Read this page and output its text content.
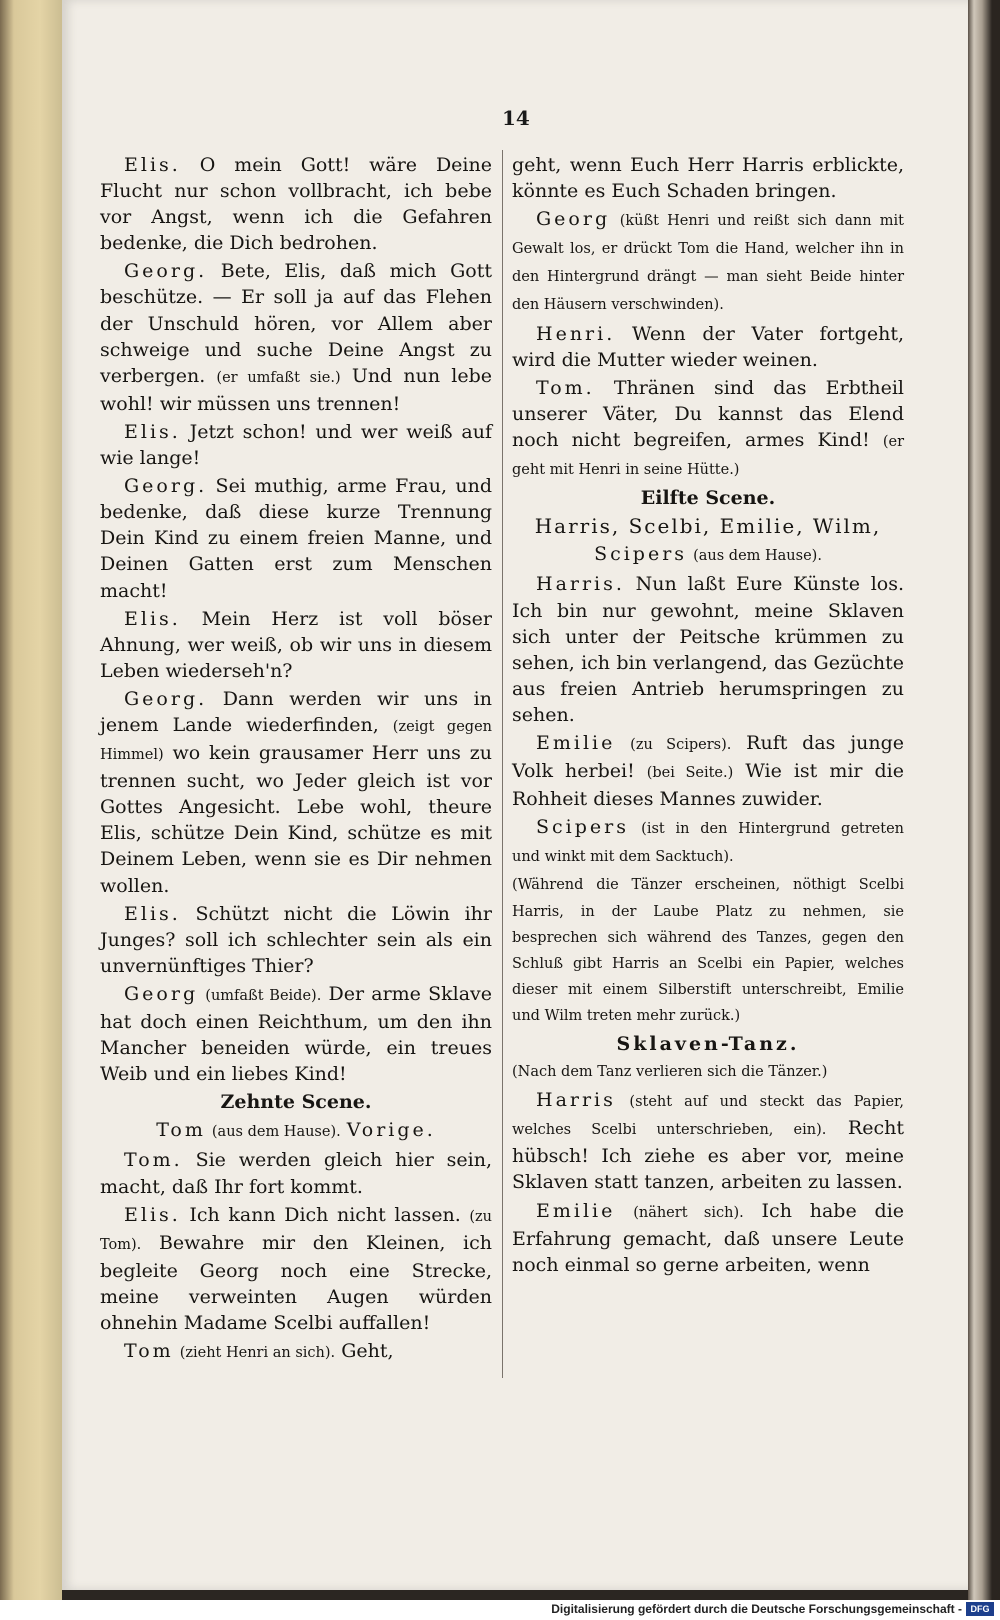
14

Elis. O mein Gott! wäre Deine Flucht nur schon vollbracht, ich bebe vor Angst, wenn ich die Gefahren bedenke, die Dich bedrohen.

Georg. Bete, Elis, daß mich Gott beschütze. — Er soll ja auf das Flehen der Unschuld hören, vor Allem aber schweige und suche Deine Angst zu verbergen. (er umfaßt sie.) Und nun lebe wohl! wir müssen uns trennen!

Elis. Jetzt schon! und wer weiß auf wie lange!

Georg. Sei muthig, arme Frau, und bedenke, daß diese kurze Trennung Dein Kind zu einem freien Manne, und Deinen Gatten erst zum Menschen macht!

Elis. Mein Herz ist voll böser Ahnung, wer weiß, ob wir uns in diesem Leben wiederseh'n?

Georg. Dann werden wir uns in jenem Lande wiederfinden, (zeigt gegen Himmel) wo kein grausamer Herr uns zu trennen sucht, wo Jeder gleich ist vor Gottes Angesicht. Lebe wohl, theure Elis, schütze Dein Kind, schütze es mit Deinem Leben, wenn sie es Dir nehmen wollen.

Elis. Schützt nicht die Löwin ihr Junges? soll ich schlechter sein als ein unvernünftiges Thier?

Georg (umfaßt Beide). Der arme Sklave hat doch einen Reichthum, um den ihn Mancher beneiden würde, ein treues Weib und ein liebes Kind!

Zehnte Scene.

Tom (aus dem Hause). Vorige.

Tom. Sie werden gleich hier sein, macht, daß Ihr fort kommt.

Elis. Ich kann Dich nicht lassen. (zu Tom). Bewahre mir den Kleinen, ich begleite Georg noch eine Strecke, meine verweinten Augen würden ohnehin Madame Scelbi auffallen!

Tom (zieht Henri an sich). Geht,

geht, wenn Euch Herr Harris erblickte, könnte es Euch Schaden bringen.

Georg (küßt Henri und reißt sich dann mit Gewalt los, er drückt Tom die Hand, welcher ihn in den Hintergrund drängt — man sieht Beide hinter den Häusern verschwinden).

Henri. Wenn der Vater fortgeht, wird die Mutter wieder weinen.

Tom. Thränen sind das Erbtheil unserer Väter, Du kannst das Elend noch nicht begreifen, armes Kind! (er geht mit Henri in seine Hütte.)

Eilfte Scene.

Harris, Scelbi, Emilie, Wilm,

Scipers (aus dem Hause).

Harris. Nun laßt Eure Künste los. Ich bin nur gewohnt, meine Sklaven sich unter der Peitsche krümmen zu sehen, ich bin verlangend, das Gezüchte aus freien Antrieb herumspringen zu sehen.

Emilie (zu Scipers). Ruft das junge Volk herbei! (bei Seite.) Wie ist mir die Rohheit dieses Mannes zuwider.

Scipers (ist in den Hintergrund getreten und winkt mit dem Sacktuch).

(Während die Tänzer erscheinen, nöthigt Scelbi Harris, in der Laube Platz zu nehmen, sie besprechen sich während des Tanzes, gegen den Schluß gibt Harris an Scelbi ein Papier, welches dieser mit einem Silberstift unterschreibt, Emilie und Wilm treten mehr zurück.)

Sklaven-Tanz.

(Nach dem Tanz verlieren sich die Tänzer.)

Harris (steht auf und steckt das Papier, welches Scelbi unterschrieben, ein). Recht hübsch! Ich ziehe es aber vor, meine Sklaven statt tanzen, arbeiten zu lassen.

Emilie (nähert sich). Ich habe die Erfahrung gemacht, daß unsere Leute noch einmal so gerne arbeiten, wenn

Digitalisierung gefördert durch die Deutsche Forschungsgemeinschaft - DFG
